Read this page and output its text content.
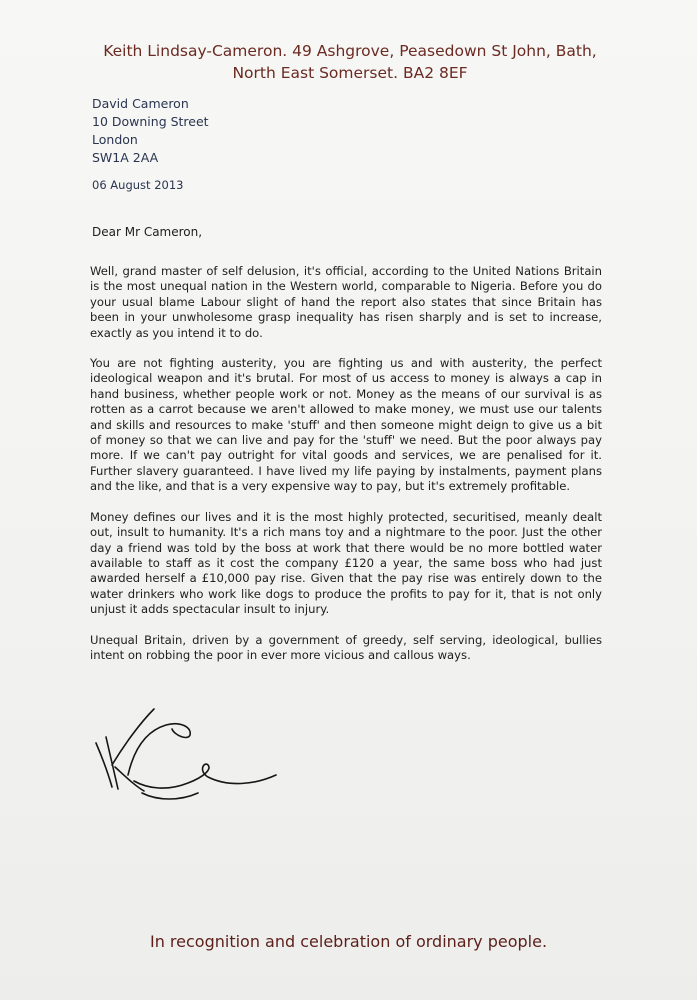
Keith Lindsay-Cameron. 49 Ashgrove, Peasedown St John, Bath,
North East Somerset. BA2 8EF
David Cameron
10 Downing Street
London
SW1A 2AA
06 August 2013
Dear Mr Cameron,

Well, grand master of self delusion, it's official, according to the United Nations Britain is the most unequal nation in the Western world, comparable to Nigeria. Before you do your usual blame Labour slight of hand the report also states that since Britain has been in your unwholesome grasp inequality has risen sharply and is set to increase, exactly as you intend it to do.

You are not fighting austerity, you are fighting us and with austerity, the perfect ideological weapon and it's brutal. For most of us access to money is always a cap in hand business, whether people work or not. Money as the means of our survival is as rotten as a carrot because we aren't allowed to make money, we must use our talents and skills and resources to make 'stuff' and then someone might deign to give us a bit of money so that we can live and pay for the 'stuff' we need. But the poor always pay more. If we can't pay outright for vital goods and services, we are penalised for it. Further slavery guaranteed. I have lived my life paying by instalments, payment plans and the like, and that is a very expensive way to pay, but it's extremely profitable.

Money defines our lives and it is the most highly protected, securitised, meanly dealt out, insult to humanity. It's a rich mans toy and a nightmare to the poor. Just the other day a friend was told by the boss at work that there would be no more bottled water available to staff as it cost the company £120 a year, the same boss who had just awarded herself a £10,000 pay rise. Given that the pay rise was entirely down to the water drinkers who work like dogs to produce the profits to pay for it, that is not only unjust it adds spectacular insult to injury.

Unequal Britain, driven by a government of greedy, self serving, ideological, bullies intent on robbing the poor in ever more vicious and callous ways.

In recognition and celebration of ordinary people.
